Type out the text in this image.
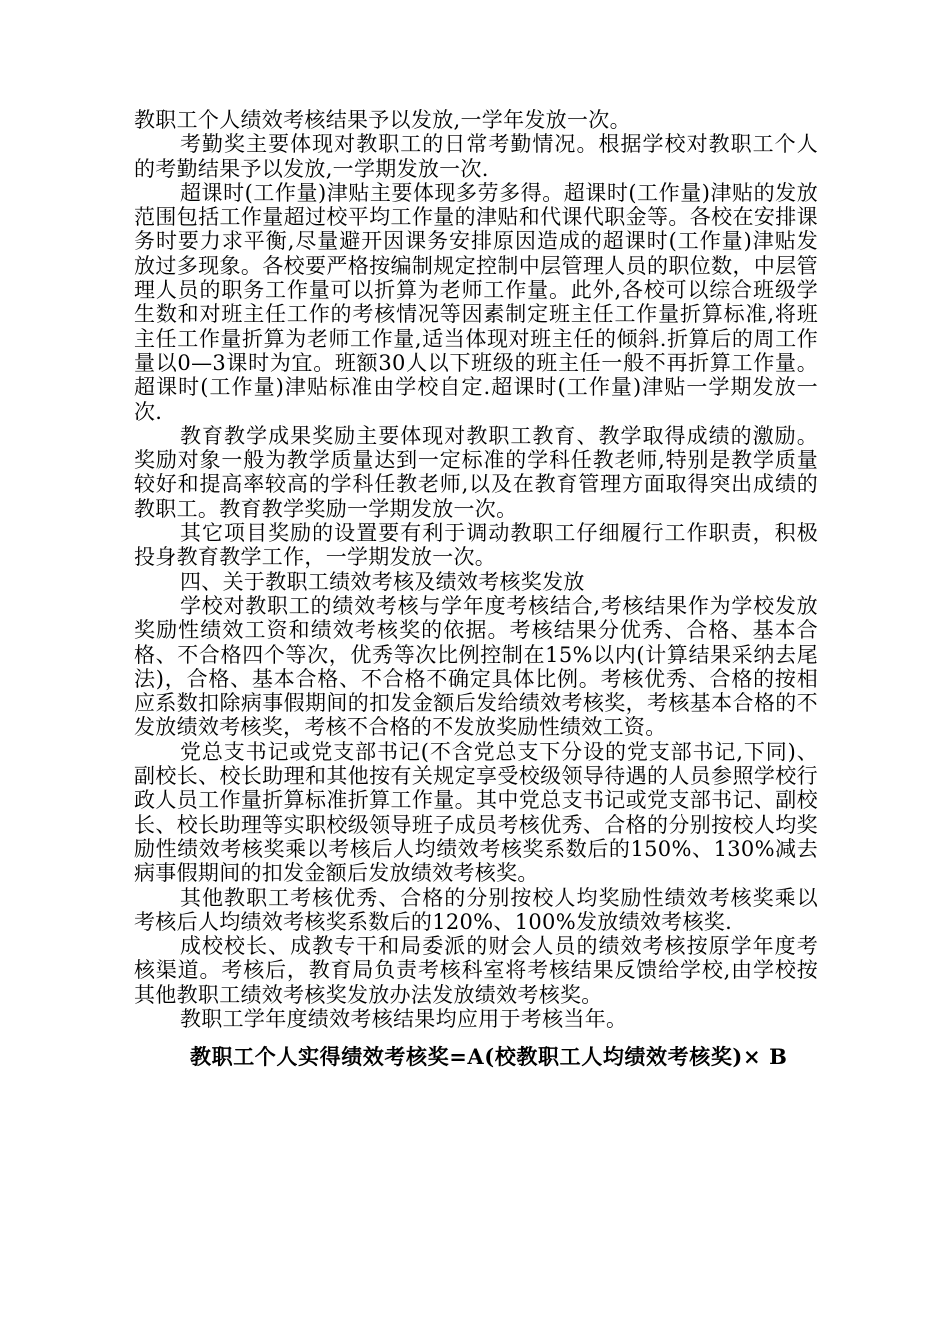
教职工个人绩效考核结果予以发放,一学年发放一次。

考勤奖主要体现对教职工的日常考勤情况。根据学校对教职工个人的考勤结果予以发放,一学期发放一次.

超课时(工作量)津贴主要体现多劳多得。超课时(工作量)津贴的发放范围包括工作量超过校平均工作量的津贴和代课代职金等。各校在安排课务时要力求平衡,尽量避开因课务安排原因造成的超课时(工作量)津贴发放过多现象。各校要严格按编制规定控制中层管理人员的职位数，中层管理人员的职务工作量可以折算为老师工作量。此外,各校可以综合班级学生数和对班主任工作的考核情况等因素制定班主任工作量折算标准,将班主任工作量折算为老师工作量,适当体现对班主任的倾斜.折算后的周工作量以0—3课时为宜。班额30人以下班级的班主任一般不再折算工作量。超课时(工作量)津贴标准由学校自定.超课时(工作量)津贴一学期发放一次.

教育教学成果奖励主要体现对教职工教育、教学取得成绩的激励。奖励对象一般为教学质量达到一定标准的学科任教老师,特别是教学质量较好和提高率较高的学科任教老师,以及在教育管理方面取得突出成绩的教职工。教育教学奖励一学期发放一次。

其它项目奖励的设置要有利于调动教职工仔细履行工作职责，积极投身教育教学工作，一学期发放一次。

四、关于教职工绩效考核及绩效考核奖发放

学校对教职工的绩效考核与学年度考核结合,考核结果作为学校发放奖励性绩效工资和绩效考核奖的依据。考核结果分优秀、合格、基本合格、不合格四个等次，优秀等次比例控制在15%以内(计算结果采纳去尾法)，合格、基本合格、不合格不确定具体比例。考核优秀、合格的按相应系数扣除病事假期间的扣发金额后发给绩效考核奖，考核基本合格的不发放绩效考核奖，考核不合格的不发放奖励性绩效工资。

党总支书记或党支部书记(不含党总支下分设的党支部书记,下同)、副校长、校长助理和其他按有关规定享受校级领导待遇的人员参照学校行政人员工作量折算标准折算工作量。其中党总支书记或党支部书记、副校长、校长助理等实职校级领导班子成员考核优秀、合格的分别按校人均奖励性绩效考核奖乘以考核后人均绩效考核奖系数后的150%、130%减去病事假期间的扣发金额后发放绩效考核奖。

其他教职工考核优秀、合格的分别按校人均奖励性绩效考核奖乘以考核后人均绩效考核奖系数后的120%、100%发放绩效考核奖.

成校校长、成教专干和局委派的财会人员的绩效考核按原学年度考核渠道。考核后，教育局负责考核科室将考核结果反馈给学校,由学校按其他教职工绩效考核奖发放办法发放绩效考核奖。

教职工学年度绩效考核结果均应用于考核当年。

教职工个人实得绩效考核奖=A(校教职工人均绩效考核奖)× B
